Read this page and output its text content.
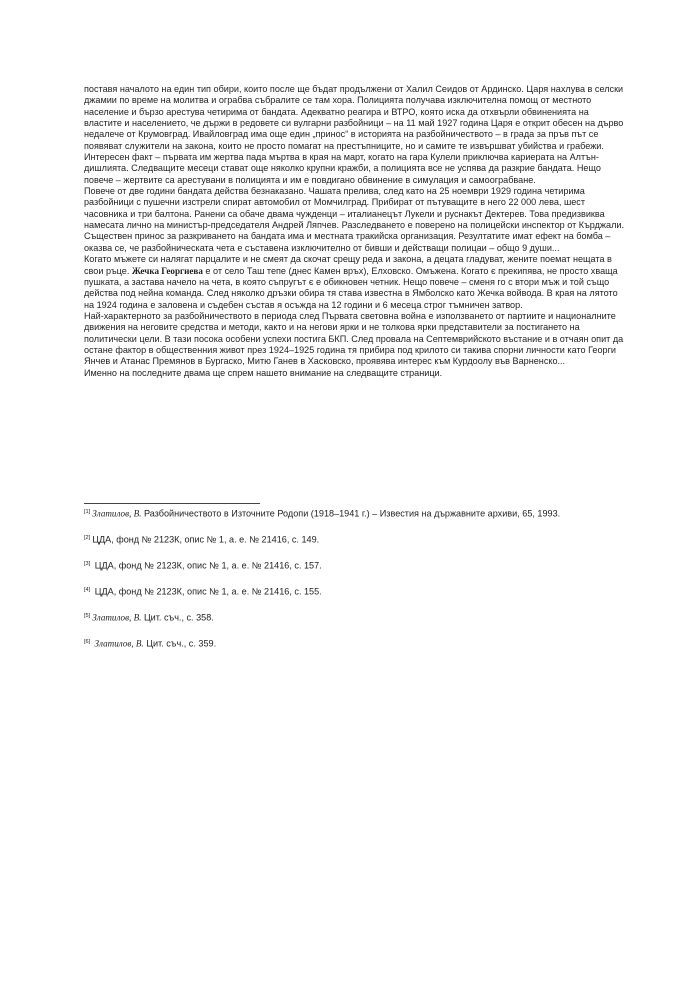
поставя началото на един тип обири, които после ще бъдат продължени от Халил Сеидов от Ардинско. Царя нахлува в селски джамии по време на молитва и ограбва събралите се там хора. Полицията получава изключителна помощ от местното население и бързо арестува четирима от бандата. Адекватно реагира и ВТРО, която иска да отхвърли обвиненията на властите и населението, че държи в редовете си вулгарни разбойници – на 11 май 1927 година Царя е открит обесен на дърво недалече от Крумовград. Ивайловград има още един „принос“ в историята на разбойничеството – в града за пръв път се появяват служители на закона, които не просто помагат на престъпниците, но и самите те извършват убийства и грабежи. Интересен факт – първата им жертва пада мъртва в края на март, когато на гара Кулели приключва кариерата на Алтън-дишлията. Следващите месеци стават още няколко крупни кражби, а полицията все не успява да разкрие бандата. Нещо повече – жертвите са арестувани в полицията и им е повдигано обвинение в симулация и самоограбване.

Повече от две години бандата действа безнаказано. Чашата прелива, след като на 25 ноември 1929 година четирима разбойници с пушечни изстрели спират автомобил от Момчилград. Прибират от пътуващите в него 22 000 лева, шест часовника и три балтона. Ранени са обаче двама чужденци – италианецът Лукели и руснакът Дектерев. Това предизвиква намесата лично на министър-председателя Андрей Ляпчев. Разследването е поверено на полицейски инспектор от Кърджали. Съществен принос за разкриването на бандата има и местната тракийска организация. Резултатите имат ефект на бомба – оказва се, че разбойническата чета е съставена изключително от бивши и действащи полицаи – общо 9 души...

Когато мъжете си налягат парцалите и не смеят да скочат срещу реда и закона, а децата гладуват, жените поемат нещата в свои ръце. Жечка Георгиева е от село Таш тепе (днес Камен връх), Елховско. Омъжена. Когато є прекипява, не просто хваща пушката, а застава начело на чета, в която съпругът є е обикновен четник. Нещо повече – сменя го с втори мъж и той също действа под нейна команда. След няколко дръзки обира тя става известна в Ямболско като Жечка войвода. В края на лятото на 1924 година е заловена и съдебен състав я осъжда на 12 години и 6 месеца строг тъмничен затвор.

Най-характерното за разбойничеството в периода след Първата световна война е използването от партиите и националните движения на неговите средства и методи, както и на негови ярки и не толкова ярки представители за постигането на политически цели. В тази посока особени успехи постига БКП. След провала на Септемврийското въстание и в отчаян опит да остане фактор в общественния живот през 1924–1925 година тя прибира под крилото си такива спорни личности като Георги Янчев и Атанас Премянов в Бургаско, Митю Ганев в Хасковско, проявява интерес към Курдоолу във Варненско...

Именно на последните двама ще спрем нашето внимание на следващите страници.

[1] Златилов, В. Разбойничеството в Източните Родопи (1918–1941 г.) – Известия на държавните архиви, 65, 1993.
[2] ЦДА, фонд № 2123К, опис № 1, а. е. № 21416, с. 149.
[3] ЦДА, фонд № 2123К, опис № 1, а. е. № 21416, с. 157.
[4] ЦДА, фонд № 2123К, опис № 1, а. е. № 21416, с. 155.
[5] Златилов, В. Цит. съч., с. 358.
[6] Златилов, В. Цит. съч., с. 359.
